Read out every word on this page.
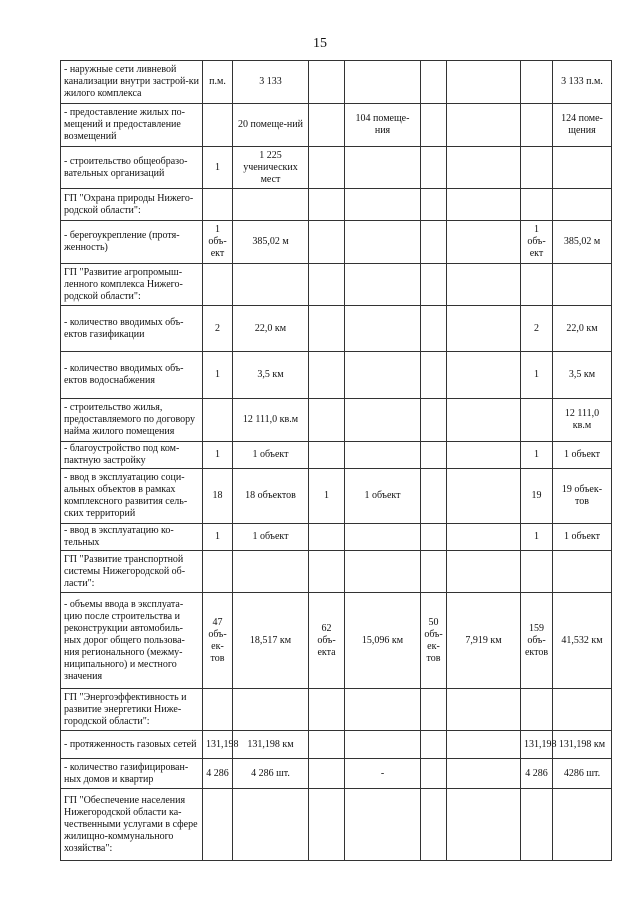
15
- наружные сети ливневой канализации внутри застрой-ки жилого комплекса	п.м.	3 133						3 133 п.м.
- предоставление жилых по-мещений и предоставление возмещений		20 помеще-ний		104 помеще-ния				124 поме-щения
- строительство общеобразо-вательных организаций	1	1 225 ученических мест						
ГП "Охрана природы Нижего-родской области":								
- берегоукрепление (протя-женность)	1 объ-ект	385,02 м					1 объ-ект	385,02 м
ГП "Развитие агропромыш-ленного комплекса Нижего-родской области":								
- количество вводимых объ-ектов газификации	2	22,0 км					2	22,0 км
- количество вводимых объ-ектов водоснабжения	1	3,5 км					1	3,5 км
- строительство жилья, предоставляемого по договору найма жилого помещения		12 111,0 кв.м						12 111,0 кв.м
- благоустройство под ком-пактную застройку	1	1 объект					1	1 объект
- ввод в эксплуатацию соци-альных объектов в рамках комплексного развития сель-ских территорий	18	18 объектов	1	1 объект			19	19 объек-тов
- ввод в эксплуатацию ко-тельных	1	1 объект					1	1 объект
ГП "Развитие транспортной системы Нижегородской об-ласти":								
- объемы ввода в эксплуата-цию после строительства и реконструкции автомобиль-ных дорог общего пользова-ния регионального (межму-ниципального) и местного значения	47 объ-ек-тов	18,517 км	62 объ-екта	15,096 км	50 объ-ек-тов	7,919 км	159 объ-ектов	41,532 км
ГП "Энергоэффективность и развитие энергетики Ниже-городской области":								
- протяженность газовых сетей	131,198	131,198 км					131,198	131,198 км
- количество газифицирован-ных домов и квартир	4 286	4 286 шт.		-			4 286	4286 шт.
ГП "Обеспечение населения Нижегородской области ка-чественными услугами в сфере жилищно-коммунального хозяйства":								
